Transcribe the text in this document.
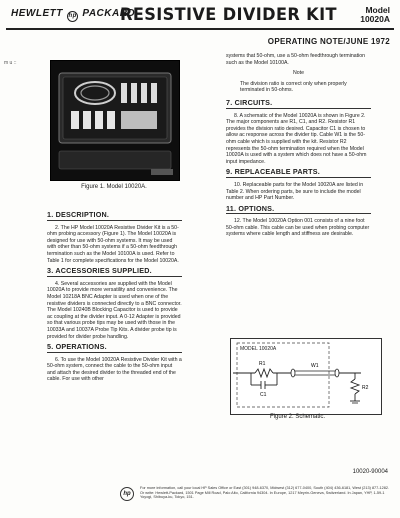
HEWLETT hp PACKARD
RESISTIVE DIVIDER KIT	Model
10020A
m u ::
OPERATING NOTE/JUNE 1972
Figure 1. Model 10020A.
1. DESCRIPTION.

2. The HP Model 10020A Resistive Divider Kit is a 50-ohm probing accessory (Figure 1). The Model 10020A is designed for use with 50-ohm systems. It may be used with other than 50-ohm systems if a 50-ohm feedthrough termination such as the Model 10100A is used. Refer to Table 1 for complete specifications for the Model 10020A.

3. ACCESSORIES SUPPLIED.

4. Several accessories are supplied with the Model 10020A to provide more versatility and convenience. The Model 10218A BNC Adapter is used when one of the resistive dividers is connected directly to a BNC connector. The Model 10240B Blocking Capacitor is used to provide ac coupling at the divider input. A 0-12 Adapter is provided so that various probe tips may be used with those in the 10033A and 10037A Probe Tip Kits. A divider probe tip is provided for divider probe handling.

5. OPERATIONS.

6. To use the Model 10020A Resistive Divider Kit with a 50-ohm system, connect the cable to the 50-ohm input and attach the desired divider to the threaded end of the cable. For use with other

systems that 50-ohm, use a 50-ohm feedthrough termination such as the Model 10100A.

Note
The division ratio is correct only when properly terminated in 50-ohms.
7. CIRCUITS.

8. A schematic of the Model 10020A is shown in Figure 2. The major components are R1, C1, and R2. Resistor R1 provides the division ratio desired. Capacitor C1 is chosen to allow ac response across the divider tip. Cable W1 is the 50-ohm cable which is supplied with the kit. Resistor R2 represents the 50-ohm termination required when the Model 10020A is used with a system which does not have a 50-ohm input impedance.

9. REPLACEABLE PARTS.

10. Replaceable parts for the Model 10020A are listed in Table 2. When ordering parts, be sure to include the model number and HP Part Number.

11. OPTIONS.

12. The Model 10020A Option 001 consists of a nine foot 50-ohm cable. This cable can be used when probing computer systems where cable length and stiffness are desirable.

MODEL 10020A
R1
C1
W1
R2
Figure 2. Schematic.
10020-90004
hp
For more information, call your local HP Sales Office or East (301) 948-6370, Midwest (312) 677-0400, South (404) 436-6181, West (213) 877-1282. Or write: Hewlett-Packard, 1501 Page Mill Road, Palo Alto, California 94304. In Europe, 1217 Meyrin-Geneva, Switzerland. In Japan, YHP, 1-59-1 Yoyogi, Shibuya-ku, Tokyo, 151.
